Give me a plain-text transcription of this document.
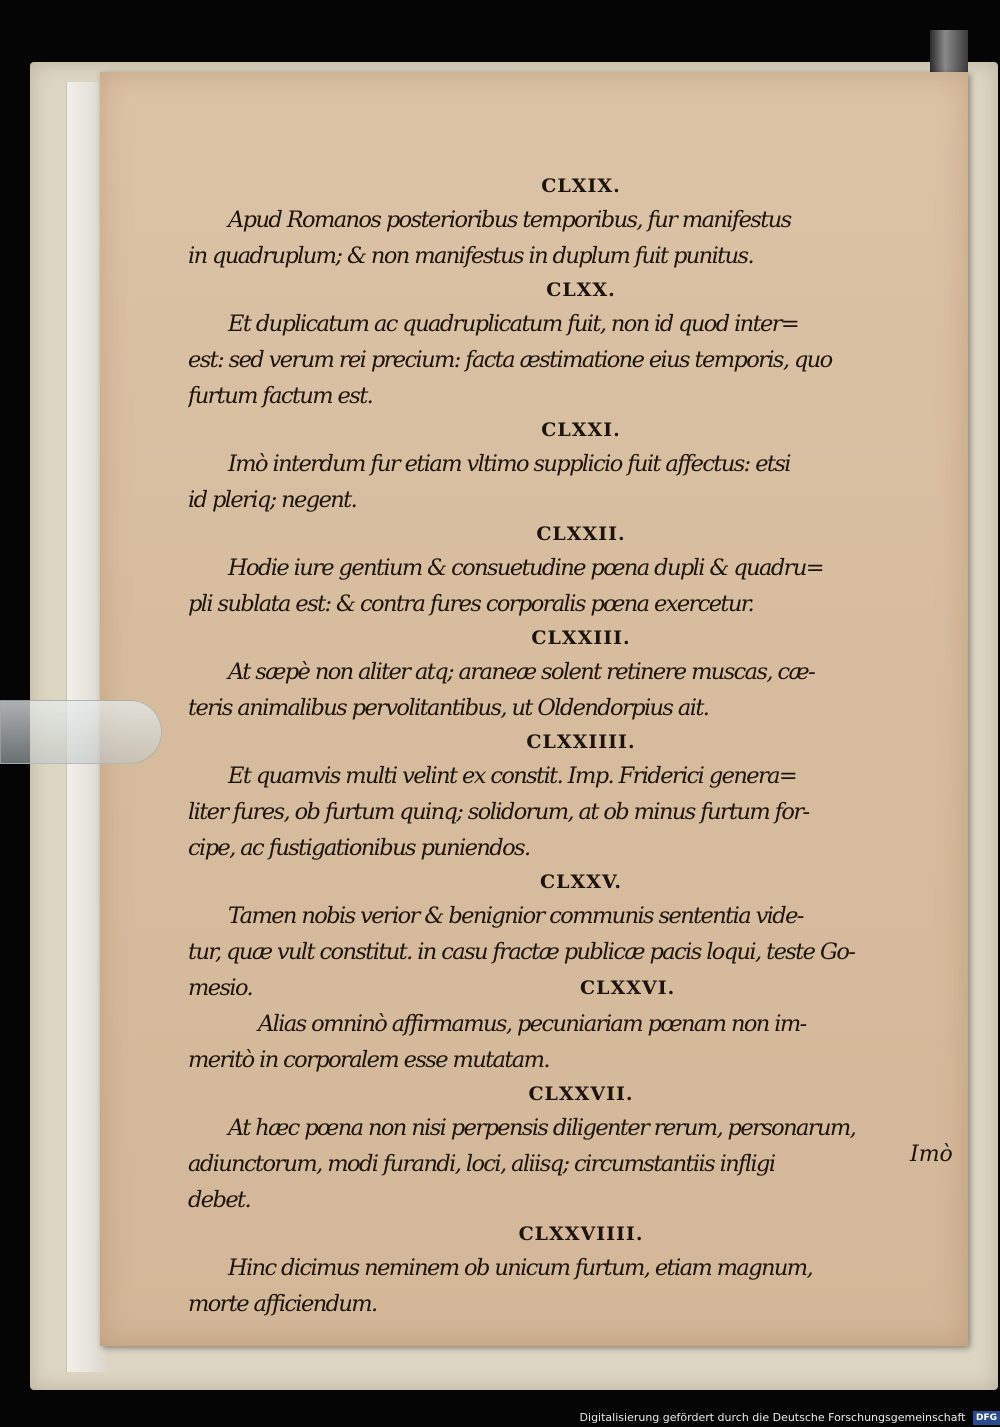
CLXIX.
Apud Romanos posterioribus temporibus, fur manifestus
in quadruplum; & non manifestus in duplum fuit punitus.
CLXX.
Et duplicatum ac quadruplicatum fuit, non id quod inter=
est: sed verum rei precium: facta æstimatione eius temporis, quo
furtum factum est.
CLXXI.
Imò interdum fur etiam vltimo supplicio fuit affectus: etsi
id pleriq; negent.
CLXXII.
Hodie iure gentium & consuetudine pœna dupli & quadru=
pli sublata est: & contra fures corporalis pœna exercetur.
CLXXIII.
At sæpè non aliter atq; araneæ solent retinere muscas, cæ-
teris animalibus pervolitantibus, ut Oldendorpius ait.
CLXXIIII.
Et quamvis multi velint ex constit. Imp. Friderici genera=
liter fures, ob furtum quinq; solidorum, at ob minus furtum for-
cipe, ac fustigationibus puniendos.
CLXXV.
Tamen nobis verior & benignior communis sententia vide-
tur, quæ vult constitut. in casu fractæ publicæ pacis loqui, teste Go-
mesio.	CLXXVI.
Alias omninò affirmamus, pecuniariam pœnam non im-
meritò in corporalem esse mutatam.
CLXXVII.
At hæc pœna non nisi perpensis diligenter rerum, personarum,
adiunctorum, modi furandi, loci, aliisq; circumstantiis infligi
debet.
CLXXVIIII.
Hinc dicimus neminem ob unicum furtum, etiam magnum,
morte afficiendum.
Imò
Digitalisierung gefördert durch die Deutsche Forschungsgemeinschaft DFG
